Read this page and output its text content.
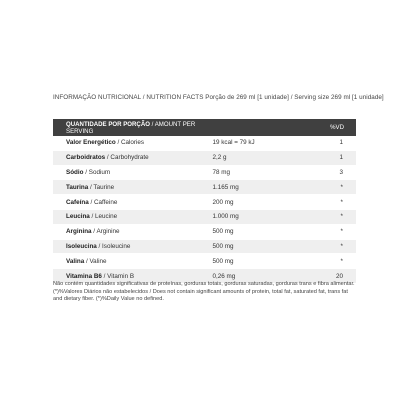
INFORMAÇÃO NUTRICIONAL / NUTRITION FACTS Porção de 269 ml [1 unidade] / Serving size 269 ml [1 unidade]
QUANTIDADE POR PORÇÃO / AMOUNT PER SERVING		%VD
Valor Energético / Calories	19 kcal = 79 kJ	1
Carboidratos / Carbohydrate	2,2 g	1
Sódio / Sodium	78 mg	3
Taurina / Taurine	1.165 mg	*
Cafeína / Caffeine	200 mg	*
Leucina / Leucine	1.000 mg	*
Arginina / Arginine	500 mg	*
Isoleucina / Isoleucine	500 mg	*
Valina / Valine	500 mg	*
Vitamina B6 / Vitamin B	0,26 mg	20
Não contém quantidades significativas de proteínas, gorduras totais, gorduras saturadas, gorduras trans e fibra alimentar. (*)%Valores Diários não estabelecidos / Does not contain significant amounts of protein, total fat, saturated fat, trans fat and dietary fiber. (*)%Daily Value no defined.
